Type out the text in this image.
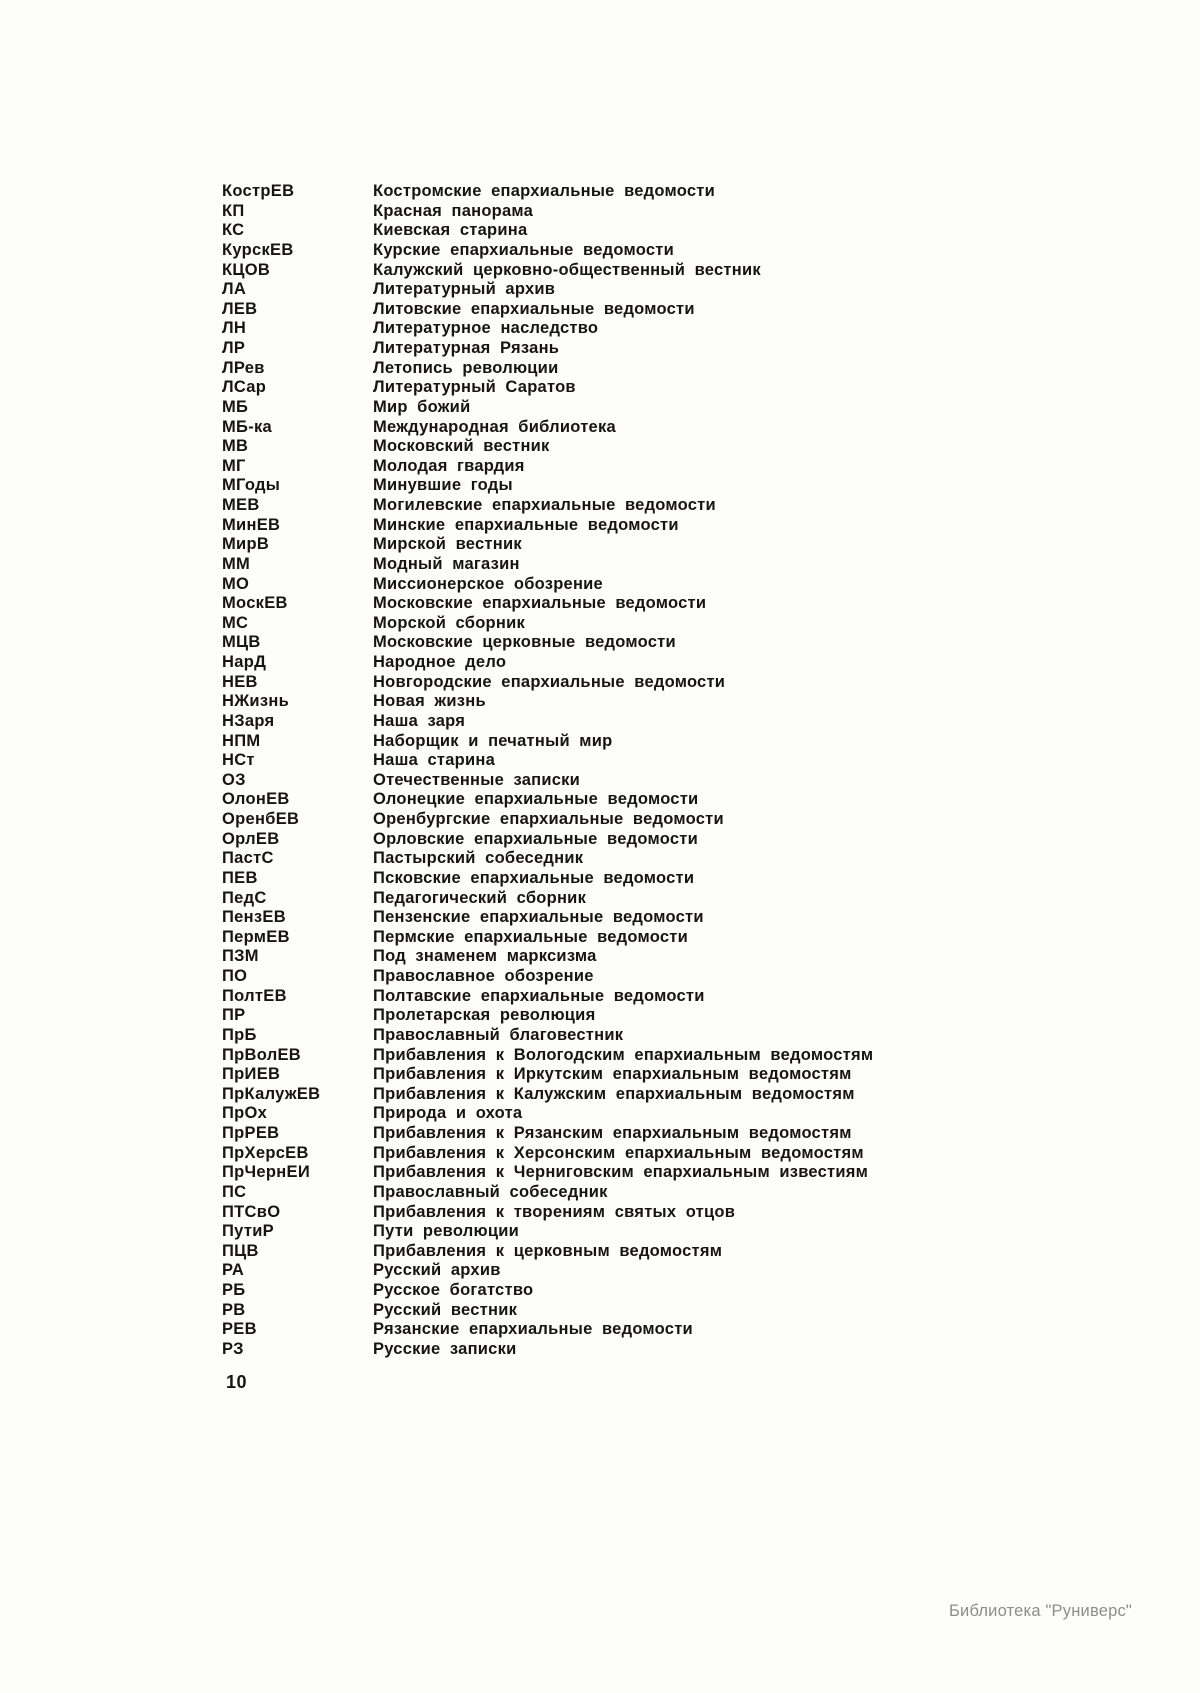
КострЕВ	Костромские епархиальные ведомости
КП	Красная панорама
КС	Киевская старина
КурскЕВ	Курские епархиальные ведомости
КЦОВ	Калужский церковно-общественный вестник
ЛА	Литературный архив
ЛЕВ	Литовские епархиальные ведомости
ЛН	Литературное наследство
ЛР	Литературная Рязань
ЛРев	Летопись революции
ЛСар	Литературный Саратов
МБ	Мир божий
МБ-ка	Международная библиотека
МВ	Московский вестник
МГ	Молодая гвардия
МГоды	Минувшие годы
МЕВ	Могилевские епархиальные ведомости
МинЕВ	Минские епархиальные ведомости
МирВ	Мирской вестник
ММ	Модный магазин
МО	Миссионерское обозрение
МоскЕВ	Московские епархиальные ведомости
МС	Морской сборник
МЦВ	Московские церковные ведомости
НарД	Народное дело
НЕВ	Новгородские епархиальные ведомости
НЖизнь	Новая жизнь
НЗаря	Наша заря
НПМ	Наборщик и печатный мир
НСт	Наша старина
ОЗ	Отечественные записки
ОлонЕВ	Олонецкие епархиальные ведомости
ОренбЕВ	Оренбургские епархиальные ведомости
ОрлЕВ	Орловские епархиальные ведомости
ПастС	Пастырский собеседник
ПЕВ	Псковские епархиальные ведомости
ПедС	Педагогический сборник
ПензЕВ	Пензенские епархиальные ведомости
ПермЕВ	Пермские епархиальные ведомости
ПЗМ	Под знаменем марксизма
ПО	Православное обозрение
ПолтЕВ	Полтавские епархиальные ведомости
ПР	Пролетарская революция
ПрБ	Православный благовестник
ПрВолЕВ	Прибавления к Вологодским епархиальным ведомостям
ПрИЕВ	Прибавления к Иркутским епархиальным ведомостям
ПрКалужЕВ	Прибавления к Калужским епархиальным ведомостям
ПрОх	Природа и охота
ПрРЕВ	Прибавления к Рязанским епархиальным ведомостям
ПрХерсЕВ	Прибавления к Херсонским епархиальным ведомостям
ПрЧернЕИ	Прибавления к Черниговским епархиальным известиям
ПС	Православный собеседник
ПТСвО	Прибавления к творениям святых отцов
ПутиР	Пути революции
ПЦВ	Прибавления к церковным ведомостям
РА	Русский архив
РБ	Русское богатство
РВ	Русский вестник
РЕВ	Рязанские епархиальные ведомости
РЗ	Русские записки
10
Библиотека "Руниверс"
